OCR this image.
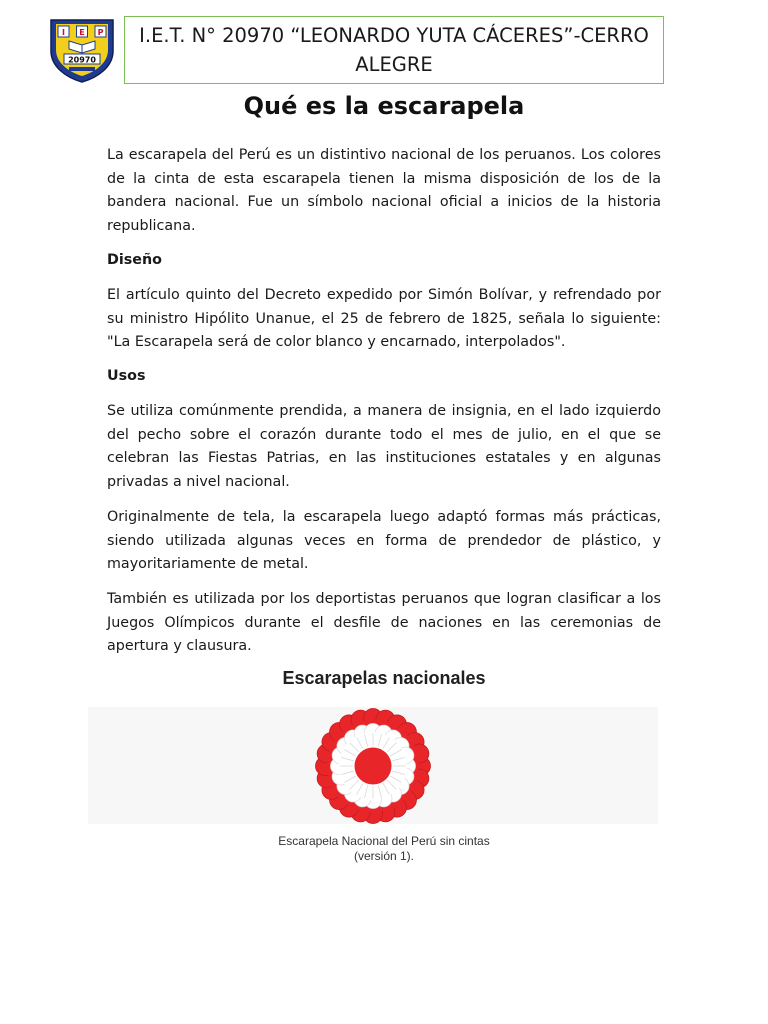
I E P
20970
I.E.T. N° 20970 “LEONARDO YUTA CÁCERES”-CERRO ALEGRE
Qué es la escarapela

La escarapela del Perú es un distintivo nacional de los peruanos. Los colores de la cinta de esta escarapela tienen la misma disposición de los de la bandera nacional. Fue un símbolo nacional oficial a inicios de la historia republicana.

Diseño

El artículo quinto del Decreto expedido por Simón Bolívar, y refrendado por su ministro Hipólito Unanue, el 25 de febrero de 1825, señala lo siguiente: "La Escarapela será de color blanco y encarnado, interpolados".

Usos

Se utiliza comúnmente prendida, a manera de insignia, en el lado izquierdo del pecho sobre el corazón durante todo el mes de julio, en el que se celebran las Fiestas Patrias, en las instituciones estatales y en algunas privadas a nivel nacional.

Originalmente de tela, la escarapela luego adaptó formas más prácticas, siendo utilizada algunas veces en forma de prendedor de plástico, y mayoritariamente de metal.

También es utilizada por los deportistas peruanos que logran clasificar a los Juegos Olímpicos durante el desfile de naciones en las ceremonias de apertura y clausura.

Escarapelas nacionales
Escarapela Nacional del Perú sin cintas
(versión 1).
